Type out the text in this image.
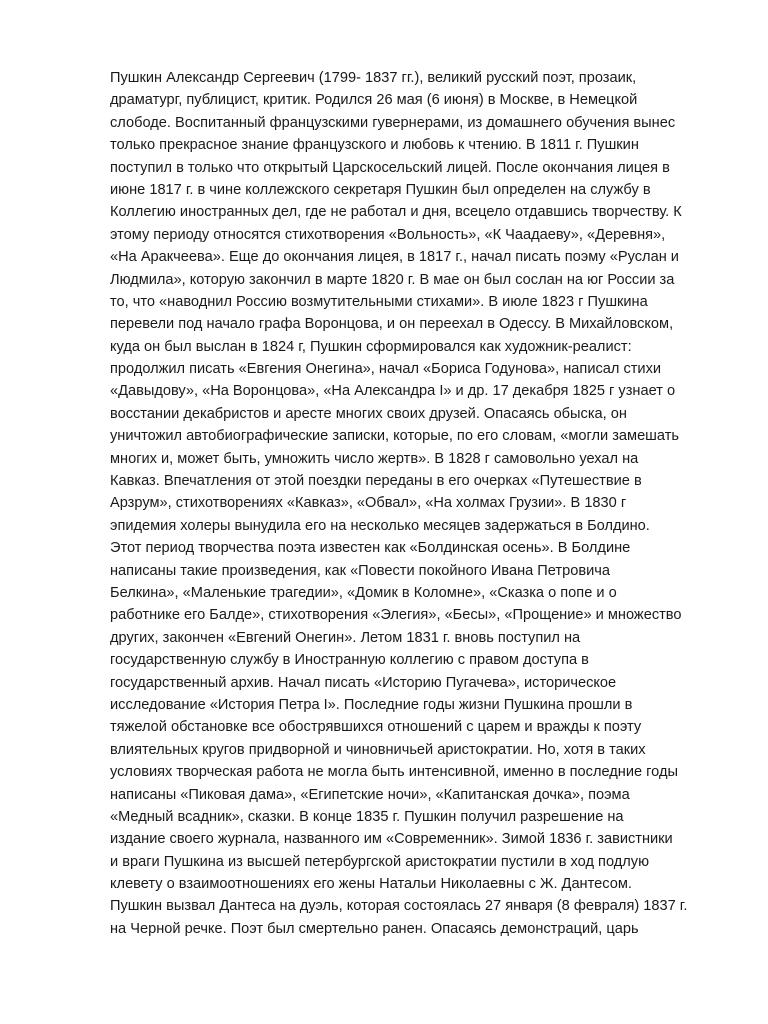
Пушкин Александр Сергеевич (1799- 1837 гг.), великий русский поэт, прозаик,
драматург, публицист, критик. Родился 26 мая (6 июня) в Москве, в Немецкой
слободе. Воспитанный французскими гувернерами, из домашнего обучения вынес
только прекрасное знание французского и любовь к чтению. В 1811 г. Пушкин
поступил в только что открытый Царскосельский лицей. После окончания лицея в
июне 1817 г. в чине коллежского секретаря Пушкин был определен на службу в
Коллегию иностранных дел, где не работал и дня, всецело отдавшись творчеству. К
этому периоду относятся стихотворения «Вольность», «К Чаадаеву», «Деревня»,
«На Аракчеева». Еще до окончания лицея, в 1817 г., начал писать поэму «Руслан и
Людмила», которую закончил в марте 1820 г. В мае он был сослан на юг России за
то, что «наводнил Россию возмутительными стихами». В июле 1823 г Пушкина
перевели под начало графа Воронцова, и он переехал в Одессу. В Михайловском,
куда он был выслан в 1824 г, Пушкин сформировался как художник-реалист:
продолжил писать «Евгения Онегина», начал «Бориса Годунова», написал стихи
«Давыдову», «На Воронцова», «На Александра I» и др. 17 декабря 1825 г узнает о
восстании декабристов и аресте многих своих друзей. Опасаясь обыска, он
уничтожил автобиографические записки, которые, по его словам, «могли замешать
многих и, может быть, умножить число жертв». В 1828 г самовольно уехал на
Кавказ. Впечатления от этой поездки переданы в его очерках «Путешествие в
Арзрум», стихотворениях «Кавказ», «Обвал», «На холмах Грузии». В 1830 г
эпидемия холеры вынудила его на несколько месяцев задержаться в Болдино.
Этот период творчества поэта известен как «Болдинская осень». В Болдине
написаны такие произведения, как «Повести покойного Ивана Петровича
Белкина», «Маленькие трагедии», «Домик в Коломне», «Сказка о попе и о
работнике его Балде», стихотворения «Элегия», «Бесы», «Прощение» и множество
других, закончен «Евгений Онегин». Летом 1831 г. вновь поступил на
государственную службу в Иностранную коллегию с правом доступа в
государственный архив. Начал писать «Историю Пугачева», историческое
исследование «История Петра I». Последние годы жизни Пушкина прошли в
тяжелой обстановке все обострявшихся отношений с царем и вражды к поэту
влиятельных кругов придворной и чиновничьей аристократии. Но, хотя в таких
условиях творческая работа не могла быть интенсивной, именно в последние годы
написаны «Пиковая дама», «Египетские ночи», «Капитанская дочка», поэма
«Медный всадник», сказки. В конце 1835 г. Пушкин получил разрешение на
издание своего журнала, названного им «Современник». Зимой 1836 г. завистники
и враги Пушкина из высшей петербургской аристократии пустили в ход подлую
клевету о взаимоотношениях его жены Натальи Николаевны с Ж. Дантесом.
Пушкин вызвал Дантеса на дуэль, которая состоялась 27 января (8 февраля) 1837 г.
на Черной речке. Поэт был смертельно ранен. Опасаясь демонстраций, царь
